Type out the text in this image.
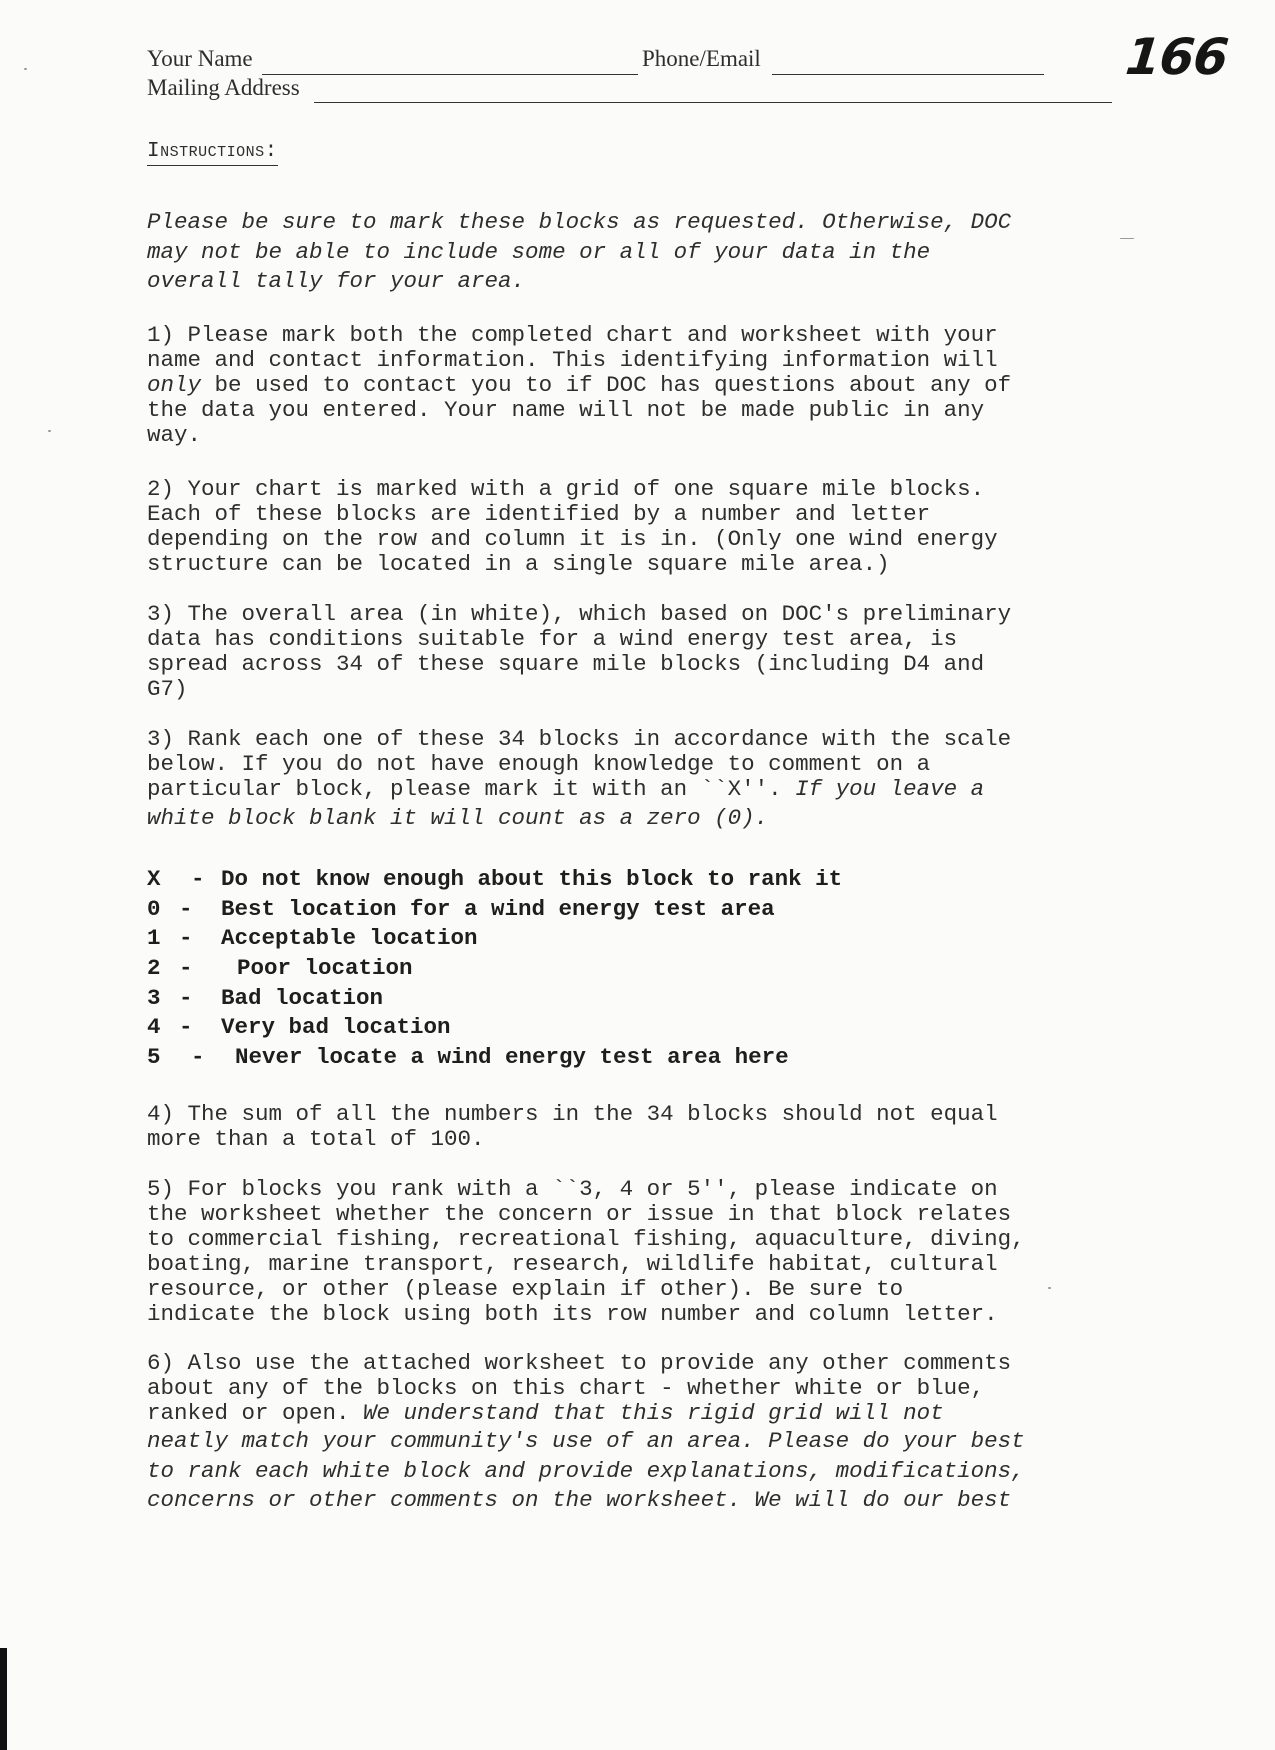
Your Name	Phone/Email
Mailing Address
166
Instructions:
Please be sure to mark these blocks as requested. Otherwise, DOC
may not be able to include some or all of your data in the
overall tally for your area.
1) Please mark both the completed chart and worksheet with your
name and contact information. This identifying information will
only be used to contact you to if DOC has questions about any of
the data you entered. Your name will not be made public in any
way.
2) Your chart is marked with a grid of one square mile blocks.
Each of these blocks are identified by a number and letter
depending on the row and column it is in. (Only one wind energy
structure can be located in a single square mile area.)
3) The overall area (in white), which based on DOC's preliminary
data has conditions suitable for a wind energy test area, is
spread across 34 of these square mile blocks (including D4 and
G7)
3) Rank each one of these 34 blocks in accordance with the scale
below. If you do not have enough knowledge to comment on a
particular block, please mark it with an ``X''. If you leave a
white block blank it will count as a zero (0).
X	- Do not know enough about this block to rank it
0 - Best location for a wind energy test area
1 - Acceptable location
2 - Poor location
3 - Bad location
4 - Very bad location
5	- Never locate a wind energy test area here
4) The sum of all the numbers in the 34 blocks should not equal
more than a total of 100.
5) For blocks you rank with a ``3, 4 or 5'', please indicate on
the worksheet whether the concern or issue in that block relates
to commercial fishing, recreational fishing, aquaculture, diving,
boating, marine transport, research, wildlife habitat, cultural
resource, or other (please explain if other). Be sure to
indicate the block using both its row number and column letter.
6) Also use the attached worksheet to provide any other comments
about any of the blocks on this chart - whether white or blue,
ranked or open. We understand that this rigid grid will not
neatly match your community's use of an area. Please do your best
to rank each white block and provide explanations, modifications,
concerns or other comments on the worksheet. We will do our best
